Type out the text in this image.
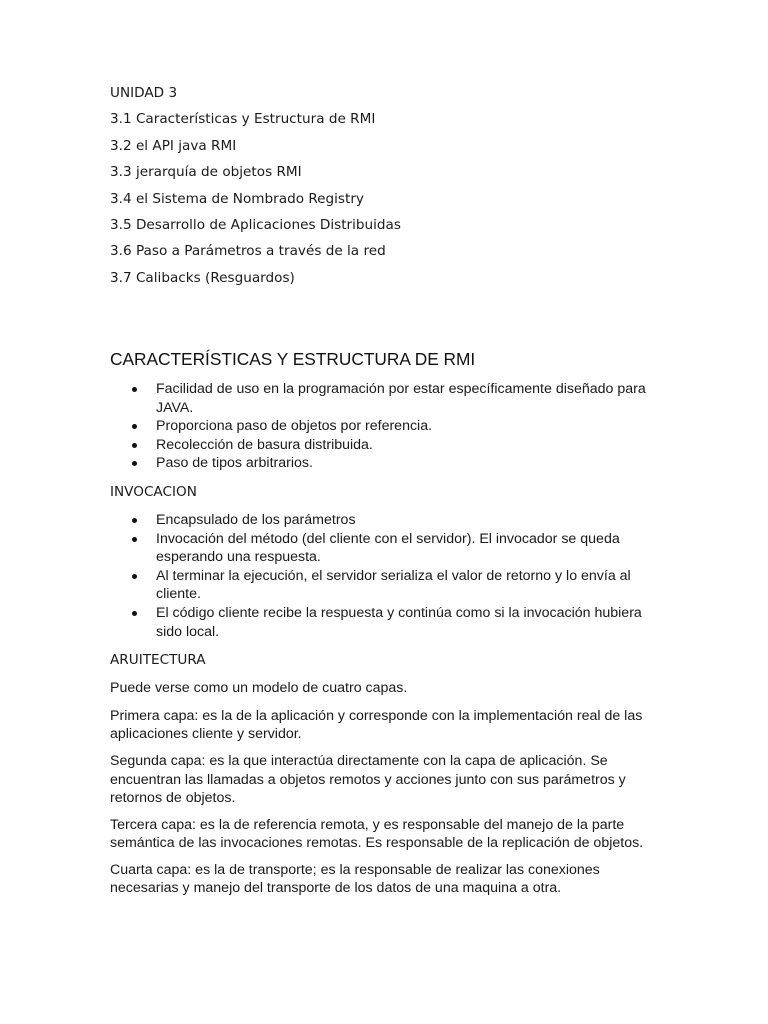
UNIDAD 3
3.1 Características y Estructura de RMI
3.2 el API java RMI
3.3 jerarquía de objetos RMI
3.4 el Sistema de Nombrado Registry
3.5 Desarrollo de Aplicaciones Distribuidas
3.6 Paso a Parámetros a través de la red
3.7 Calibacks (Resguardos)
CARACTERÍSTICAS Y ESTRUCTURA DE RMI
Facilidad de uso en la programación por estar específicamente diseñado para JAVA.
Proporciona paso de objetos por referencia.
Recolección de basura distribuida.
Paso de tipos arbitrarios.
INVOCACION
Encapsulado de los parámetros
Invocación del método (del cliente con el servidor). El invocador se queda esperando una respuesta.
Al terminar la ejecución, el servidor serializa el valor de retorno y lo envía al cliente.
El código cliente recibe la respuesta y continúa como si la invocación hubiera sido local.
ARUITECTURA

Puede verse como un modelo de cuatro capas.

Primera capa: es la de la aplicación y corresponde con la implementación real de las aplicaciones cliente y servidor.

Segunda capa: es la que interactúa directamente con la capa de aplicación. Se encuentran las llamadas a objetos remotos y acciones junto con sus parámetros y retornos de objetos.

Tercera capa: es la de referencia remota, y es responsable del manejo de la parte semántica de las invocaciones remotas. Es responsable de la replicación de objetos.

Cuarta capa: es la de transporte; es la responsable de realizar las conexiones necesarias y manejo del transporte de los datos de una maquina a otra.
